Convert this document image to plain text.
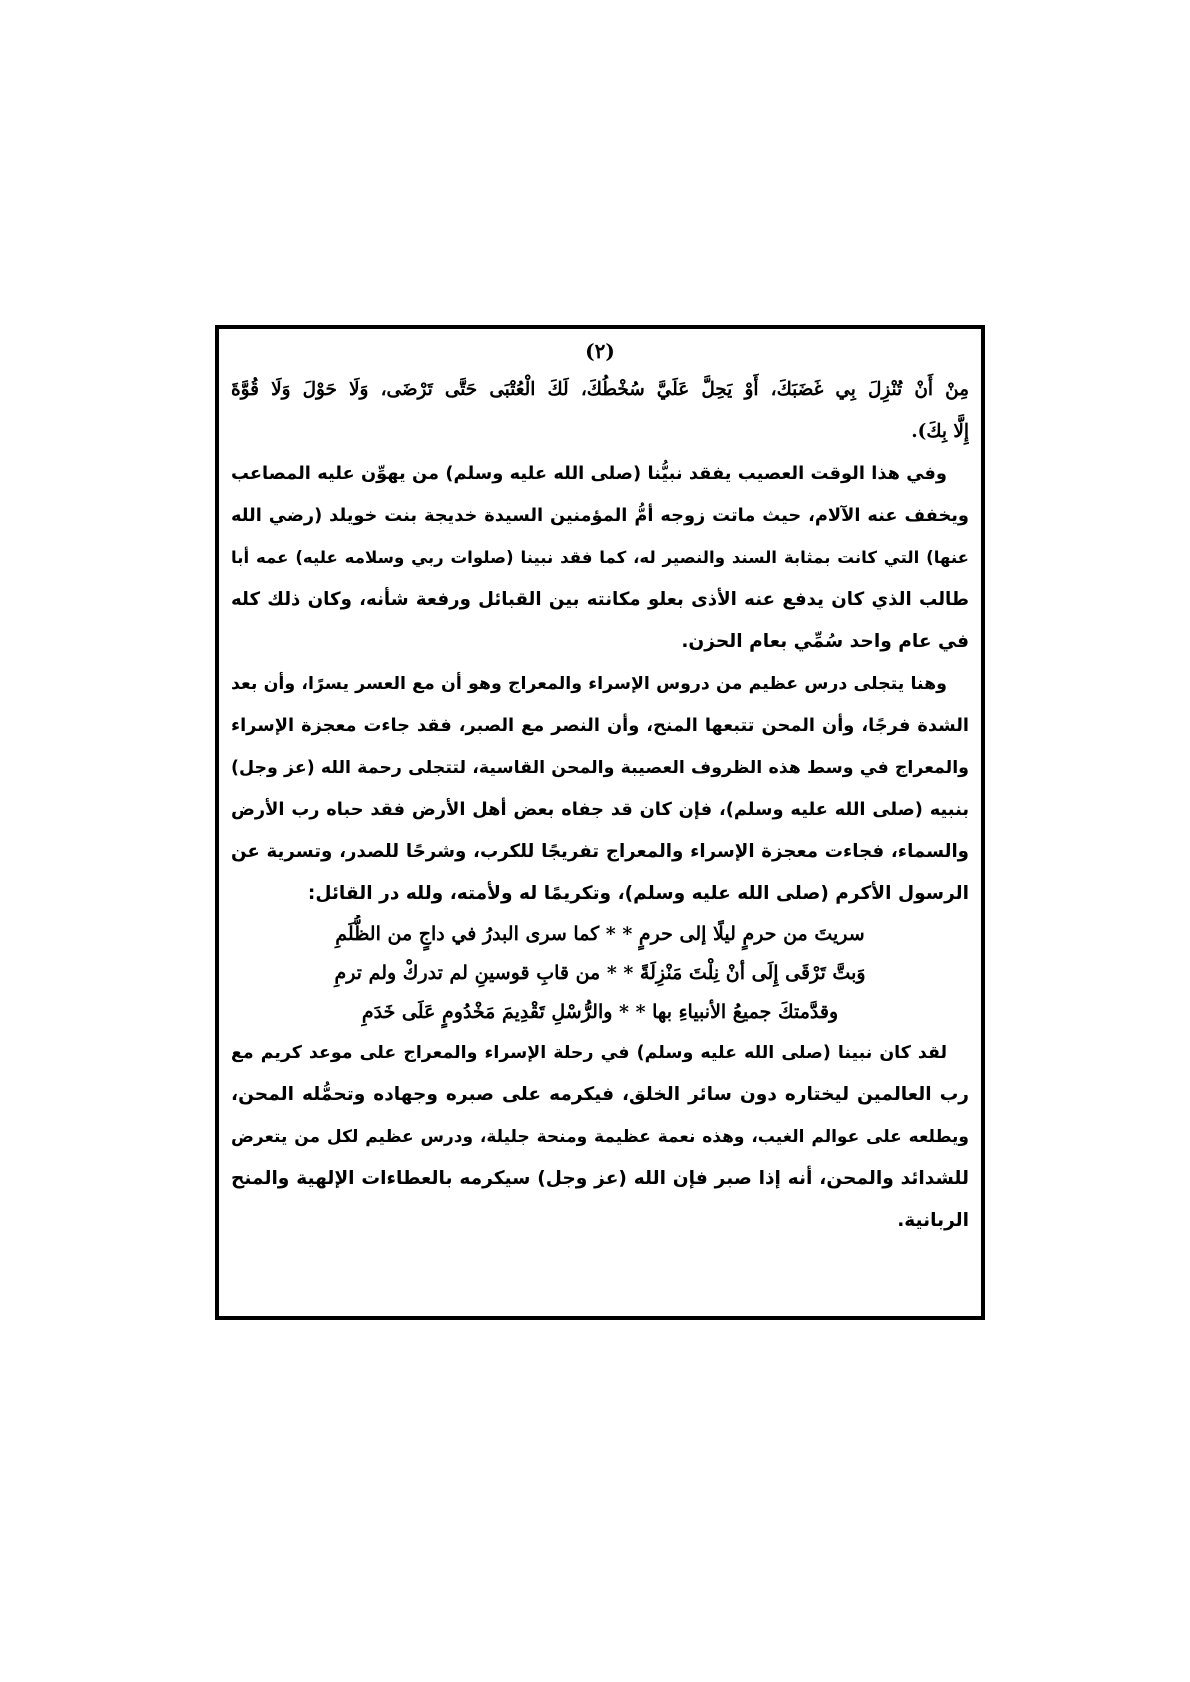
(٢)
مِنْ أَنْ تُنْزِلَ بِي غَضَبَكَ، أَوْ يَحِلَّ عَلَيَّ سُخْطُكَ، لَكَ الْعُتْبَى حَتَّى تَرْضَى، وَلَا حَوْلَ وَلَا قُوَّةَ
إِلَّا بِكَ).
وفي هذا الوقت العصيب يفقد نبيُّنا (صلى الله عليه وسلم) من يهوِّن عليه المصاعب
ويخفف عنه الآلام، حيث ماتت زوجه أمُّ المؤمنين السيدة خديجة بنت خويلد (رضي الله
عنها) التي كانت بمثابة السند والنصير له، كما فقد نبينا (صلوات ربي وسلامه عليه) عمه أبا
طالب الذي كان يدفع عنه الأذى بعلو مكانته بين القبائل ورفعة شأنه، وكان ذلك كله
في عام واحد سُمِّي بعام الحزن.
وهنا يتجلى درس عظيم من دروس الإسراء والمعراج وهو أن مع العسر يسرًا، وأن بعد
الشدة فرجًا، وأن المحن تتبعها المنح، وأن النصر مع الصبر، فقد جاءت معجزة الإسراء
والمعراج في وسط هذه الظروف العصيبة والمحن القاسية، لتتجلى رحمة الله (عز وجل)
بنبيه (صلى الله عليه وسلم)، فإن كان قد جفاه بعض أهل الأرض فقد حباه رب الأرض
والسماء، فجاءت معجزة الإسراء والمعراج تفريجًا للكرب، وشرحًا للصدر، وتسرية عن
الرسول الأكرم (صلى الله عليه وسلم)، وتكريمًا له ولأمته، ولله در القائل:
سريتَ من حرمٍ ليلًا إلى حرمٍ * * كما سرى البدرُ في داجٍ من الظُّلَمِ
وَبتَّ تَرْقَى إِلَى أنْ نِلْتَ مَنْزِلَةً * * من قابِ قوسينِ لم تدركْ ولم ترمِ
وقدَّمتكَ جميعُ الأنبياءِ بها * * والرُّسْلِ تَقْدِيمَ مَخْدُومٍ عَلَى خَدَمِ
لقد كان نبينا (صلى الله عليه وسلم) في رحلة الإسراء والمعراج على موعد كريم مع
رب العالمين ليختاره دون سائر الخلق، فيكرمه على صبره وجهاده وتحمُّله المحن،
ويطلعه على عوالم الغيب، وهذه نعمة عظيمة ومنحة جليلة، ودرس عظيم لكل من يتعرض
للشدائد والمحن، أنه إذا صبر فإن الله (عز وجل) سيكرمه بالعطاءات الإلهية والمنح
الربانية.
